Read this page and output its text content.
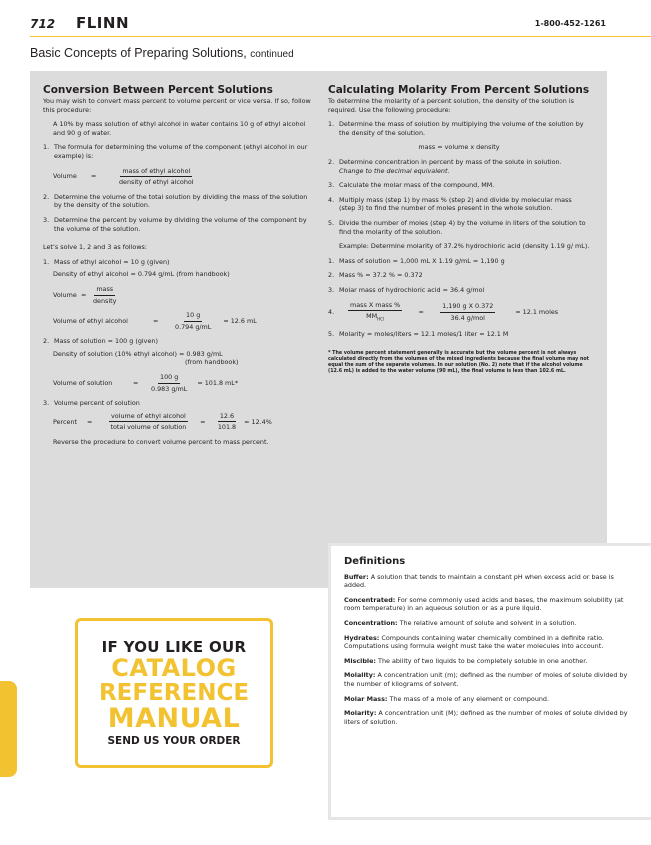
712 FLINN	1-800-452-1261
Basic Concepts of Preparing Solutions, continued
Conversion Between Percent Solutions
You may wish to convert mass percent to volume percent or vice versa. If so, follow this procedure:
A 10% by mass solution of ethyl alcohol in water contains 10 g of ethyl alcohol and 90 g of water.
1. The formula for determining the volume of the component (ethyl alcohol in our example) is:
Volume	=	$\frac{\text{mass of ethyl alcohol}}{\text{density of ethyl alcohol}}$
2. Determine the volume of the total solution by dividing the mass of the solution by the density of the solution.
3. Determine the percent by volume by dividing the volume of the component by the volume of the solution.
Let’s solve 1, 2 and 3 as follows:
1. Mass of ethyl alcohol = 10 g (given)
Density of ethyl alcohol = 0.794 g/mL (from handbook)
Volume =	$\frac{\text{mass}}{\text{density}}$
Volume of ethyl alcohol	=	$\frac{10 g}{0.794 g/mL} = 12.6$ mL
2. Mass of solution = 100 g (given)
Density of solution (10% ethyl alcohol) = 0.983 g/mL
(from handbook)
Volume of solution	=	$\frac{100 g}{0.983 g/mL} = 101.8$ mL*
3. Volume percent of solution
Percent	=	$\frac{\text{volume of ethyl alcohol}}{\text{total volume of solution}}$	=	$\frac{12.6}{101.8} = 12.4\%$
Reverse the procedure to convert volume percent to mass percent.
Calculating Molarity From Percent Solutions
To determine the molarity of a percent solution, the density of the solution is required. Use the following procedure:
1. Determine the mass of solution by multiplying the volume of the solution by the density of the solution.
mass = volume x density
2. Determine concentration in percent by mass of the solute in solution.
Change to the decimal equivalent.
3. Calculate the molar mass of the compound, MM.
4. Multiply mass (step 1) by mass % (step 2) and divide by molecular mass (step 3) to find the number of moles present in the whole solution.
5. Divide the number of moles (step 4) by the volume in liters of the solution to find the molarity of the solution.
Example: Determine molarity of 37.2% hydrochloric acid (density 1.19 g/ mL).
1. Mass of solution = 1,000 mL X 1.19 g/mL = 1,190 g
2. Mass % = 37.2 % = 0.372
3. Molar mass of hydrochloric acid = 36.4 g/mol
4.	$\frac{\text{mass X mass \%}}{MM_{HCl}}$	=	$\frac{\text{1,190 g X 0.372}}{\text{36.4 g/mol}}$	= 12.1 moles
5. Molarity = moles/liters = 12.1 moles/1 liter = 12.1 M
* The volume percent statement generally is accurate but the volume percent is not always calculated directly from the volumes of the mixed ingredients because the final volume may not equal the sum of the separate volumes. In our solution (No. 2) note that if the alcohol volume (12.6 mL) is added to the water volume (90 mL), the final volume is less than 102.6 mL.
Definitions
Buffer: A solution that tends to maintain a constant pH when excess acid or base is added.
Concentrated: For some commonly used acids and bases, the maximum solubility (at room temperature) in an aqueous solution or as a pure liquid.
Concentration: The relative amount of solute and solvent in a solution.
Hydrates: Compounds containing water chemically combined in a definite ratio. Computations using formula weight must take the water molecules into account.
Miscible: The ability of two liquids to be completely soluble in one another.
Molality: A concentration unit (m); defined as the number of moles of solute divided by the number of kilograms of solvent.
Molar Mass: The mass of a mole of any element or compound.
Molarity: A concentration unit (M); defined as the number of moles of solute divided by liters of solution.
IF YOU LIKE OUR
CATALOG
REFERENCE
MANUAL
SEND US YOUR ORDER
